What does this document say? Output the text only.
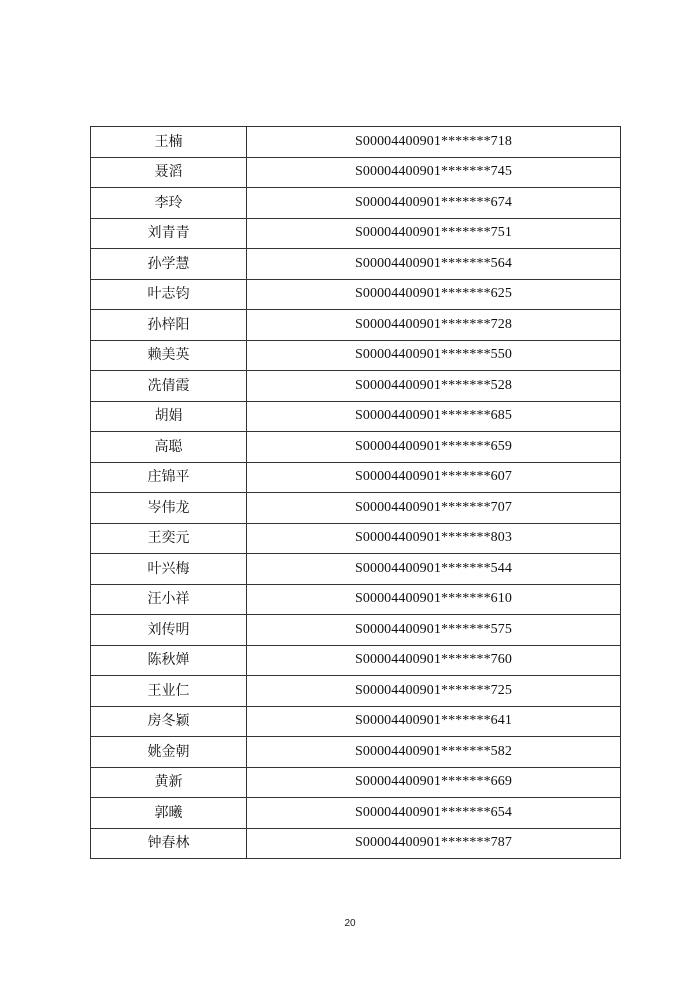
王楠	S00004400901*******718
聂滔	S00004400901*******745
李玲	S00004400901*******674
刘青青	S00004400901*******751
孙学慧	S00004400901*******564
叶志钧	S00004400901*******625
孙梓阳	S00004400901*******728
赖美英	S00004400901*******550
冼倩霞	S00004400901*******528
胡娟	S00004400901*******685
高聪	S00004400901*******659
庄锦平	S00004400901*******607
岑伟龙	S00004400901*******707
王奕元	S00004400901*******803
叶兴梅	S00004400901*******544
汪小祥	S00004400901*******610
刘传明	S00004400901*******575
陈秋婵	S00004400901*******760
王业仁	S00004400901*******725
房冬颖	S00004400901*******641
姚金朝	S00004400901*******582
黄新	S00004400901*******669
郭曦	S00004400901*******654
钟春林	S00004400901*******787
20
